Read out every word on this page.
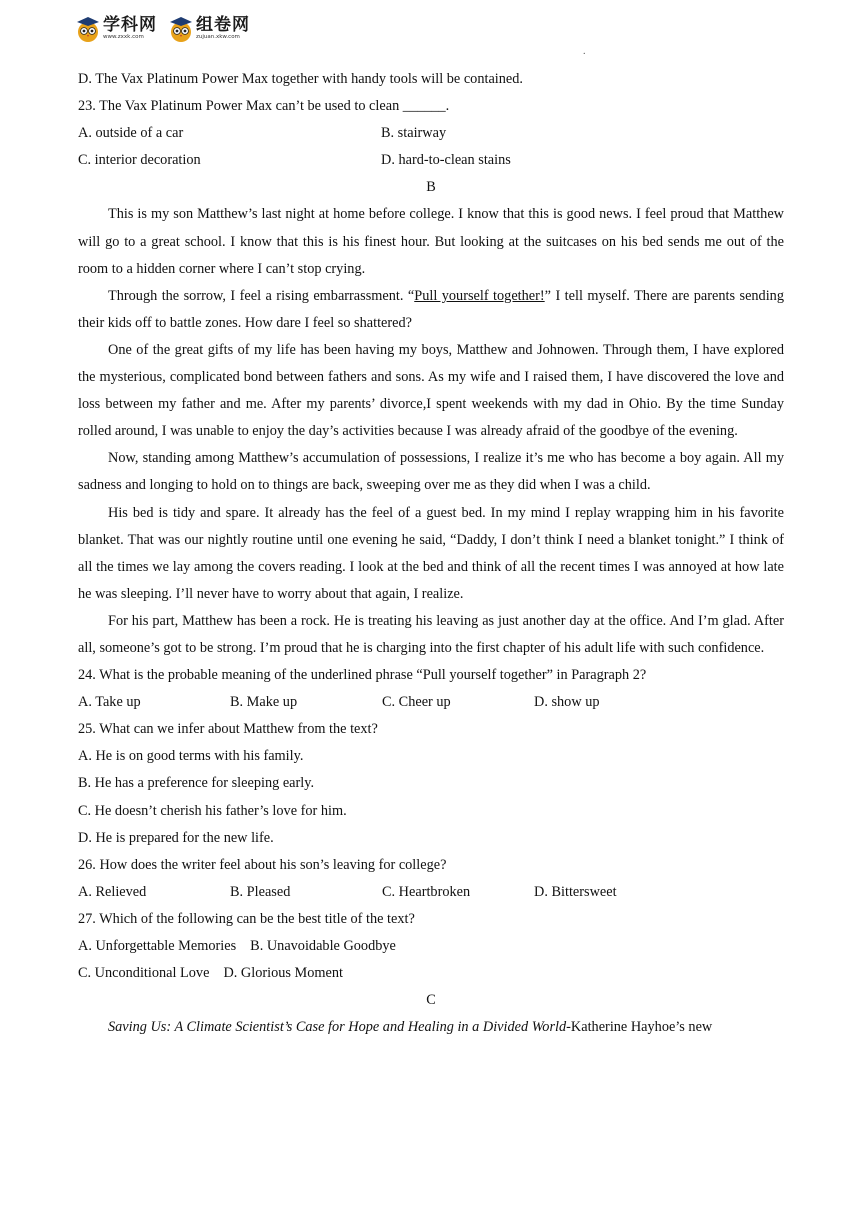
学科网
www.zxxk.com
组卷网
zujuan.xkw.com
.
D. The Vax Platinum Power Max together with handy tools will be contained.
23. The Vax Platinum Power Max can’t be used to clean ______.
A. outside of a car	B. stairway
C. interior decoration	D. hard-to-clean stains
B
This is my son Matthew’s last night at home before college. I know that this is good news. I feel proud that Matthew will go to a great school. I know that this is his finest hour. But looking at the suitcases on his bed sends me out of the room to a hidden corner where I can’t stop crying.
Through the sorrow, I feel a rising embarrassment. “Pull yourself together!” I tell myself. There are parents sending their kids off to battle zones. How dare I feel so shattered?
One of the great gifts of my life has been having my boys, Matthew and Johnowen. Through them, I have explored the mysterious, complicated bond between fathers and sons. As my wife and I raised them, I have discovered the love and loss between my father and me. After my parents’ divorce,I spent weekends with my dad in Ohio. By the time Sunday rolled around, I was unable to enjoy the day’s activities because I was already afraid of the goodbye of the evening.
Now, standing among Matthew’s accumulation of possessions, I realize it’s me who has become a boy again. All my sadness and longing to hold on to things are back, sweeping over me as they did when I was a child.
His bed is tidy and spare. It already has the feel of a guest bed. In my mind I replay wrapping him in his favorite blanket. That was our nightly routine until one evening he said, “Daddy, I don’t think I need a blanket tonight.” I think of all the times we lay among the covers reading. I look at the bed and think of all the recent times I was annoyed at how late he was sleeping. I’ll never have to worry about that again, I realize.
For his part, Matthew has been a rock. He is treating his leaving as just another day at the office. And I’m glad. After all, someone’s got to be strong. I’m proud that he is charging into the first chapter of his adult life with such confidence.
24. What is the probable meaning of the underlined phrase “Pull yourself together” in Paragraph 2?
A. Take up	B. Make up	C. Cheer up	D. show up
25. What can we infer about Matthew from the text?
A. He is on good terms with his family.
B. He has a preference for sleeping early.
C. He doesn’t cherish his father’s love for him.
D. He is prepared for the new life.
26. How does the writer feel about his son’s leaving for college?
A. Relieved	B. Pleased	C. Heartbroken	D. Bittersweet
27. Which of the following can be the best title of the text?
A. Unforgettable Memories B. Unavoidable Goodbye
C. Unconditional Love D. Glorious Moment
C
Saving Us: A Climate Scientist’s Case for Hope and Healing in a Divided World-Katherine Hayhoe’s new
